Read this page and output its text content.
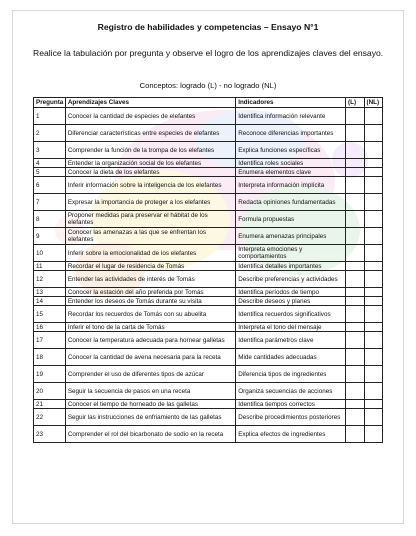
Registro de habilidades y competencias – Ensayo N°1
Realice la tabulación por pregunta y observe el logro de los aprendizajes claves del ensayo.
Conceptos: logrado (L) - no logrado (NL)
Pregunta	Aprendizajes Claves	Indicadores	(L)	(NL)
1	Conocer la cantidad de especies de elefantes	Identifica información relevante		
2	Diferenciar características entre especies de elefantes	Reconoce diferencias importantes		
3	Comprender la función de la trompa de los elefantes	Explica funciones específicas		
4	Entender la organización social de los elefantes	Identifica roles sociales		
5	Conocer la dieta de los elefantes	Enumera elementos clave		
6	Inferir información sobre la inteligencia de los elefantes	Interpreta información implícita		
7	Expresar la importancia de proteger a los elefantes	Redacta opiniones fundamentadas		
8	Proponer medidas para preservar el hábitat de los elefantes	Formula propuestas		
9	Conocer las amenazas a las que se enfrentan los elefantes	Enumera amenazas principales		
10	Inferir sobre la emocionalidad de los elefantes	Interpreta emociones y comportamientos		
11	Recordar el lugar de residencia de Tomás	Identifica detalles importantes		
12	Entender las actividades de interés de Tomás	Describe preferencias y actividades		
13	Conocer la estación del año preferida por Tomás	Identifica períodos de tiempo		
14	Entender los deseos de Tomás durante su visita	Describe deseos y planes		
15	Recordar los recuerdos de Tomás con su abuelita	Identifica recuerdos significativos		
16	Inferir el tono de la carta de Tomás	Interpreta el tono del mensaje		
17	Conocer la temperatura adecuada para hornear galletas	Identifica parámetros clave		
18	Conocer la cantidad de avena necesaria para la receta	Mide cantidades adecuadas		
19	Comprender el uso de diferentes tipos de azúcar	Diferencia tipos de ingredientes		
20	Seguir la secuencia de pasos en una receta	Organiza secuencias de acciones		
21	Conocer el tiempo de horneado de las galletas	Identifica tiempos correctos		
22	Seguir las instrucciones de enfriamiento de las galletas	Describe procedimientos posteriores		
23	Comprender el rol del bicarbonato de sodio en la receta	Explica efectos de ingredientes		
